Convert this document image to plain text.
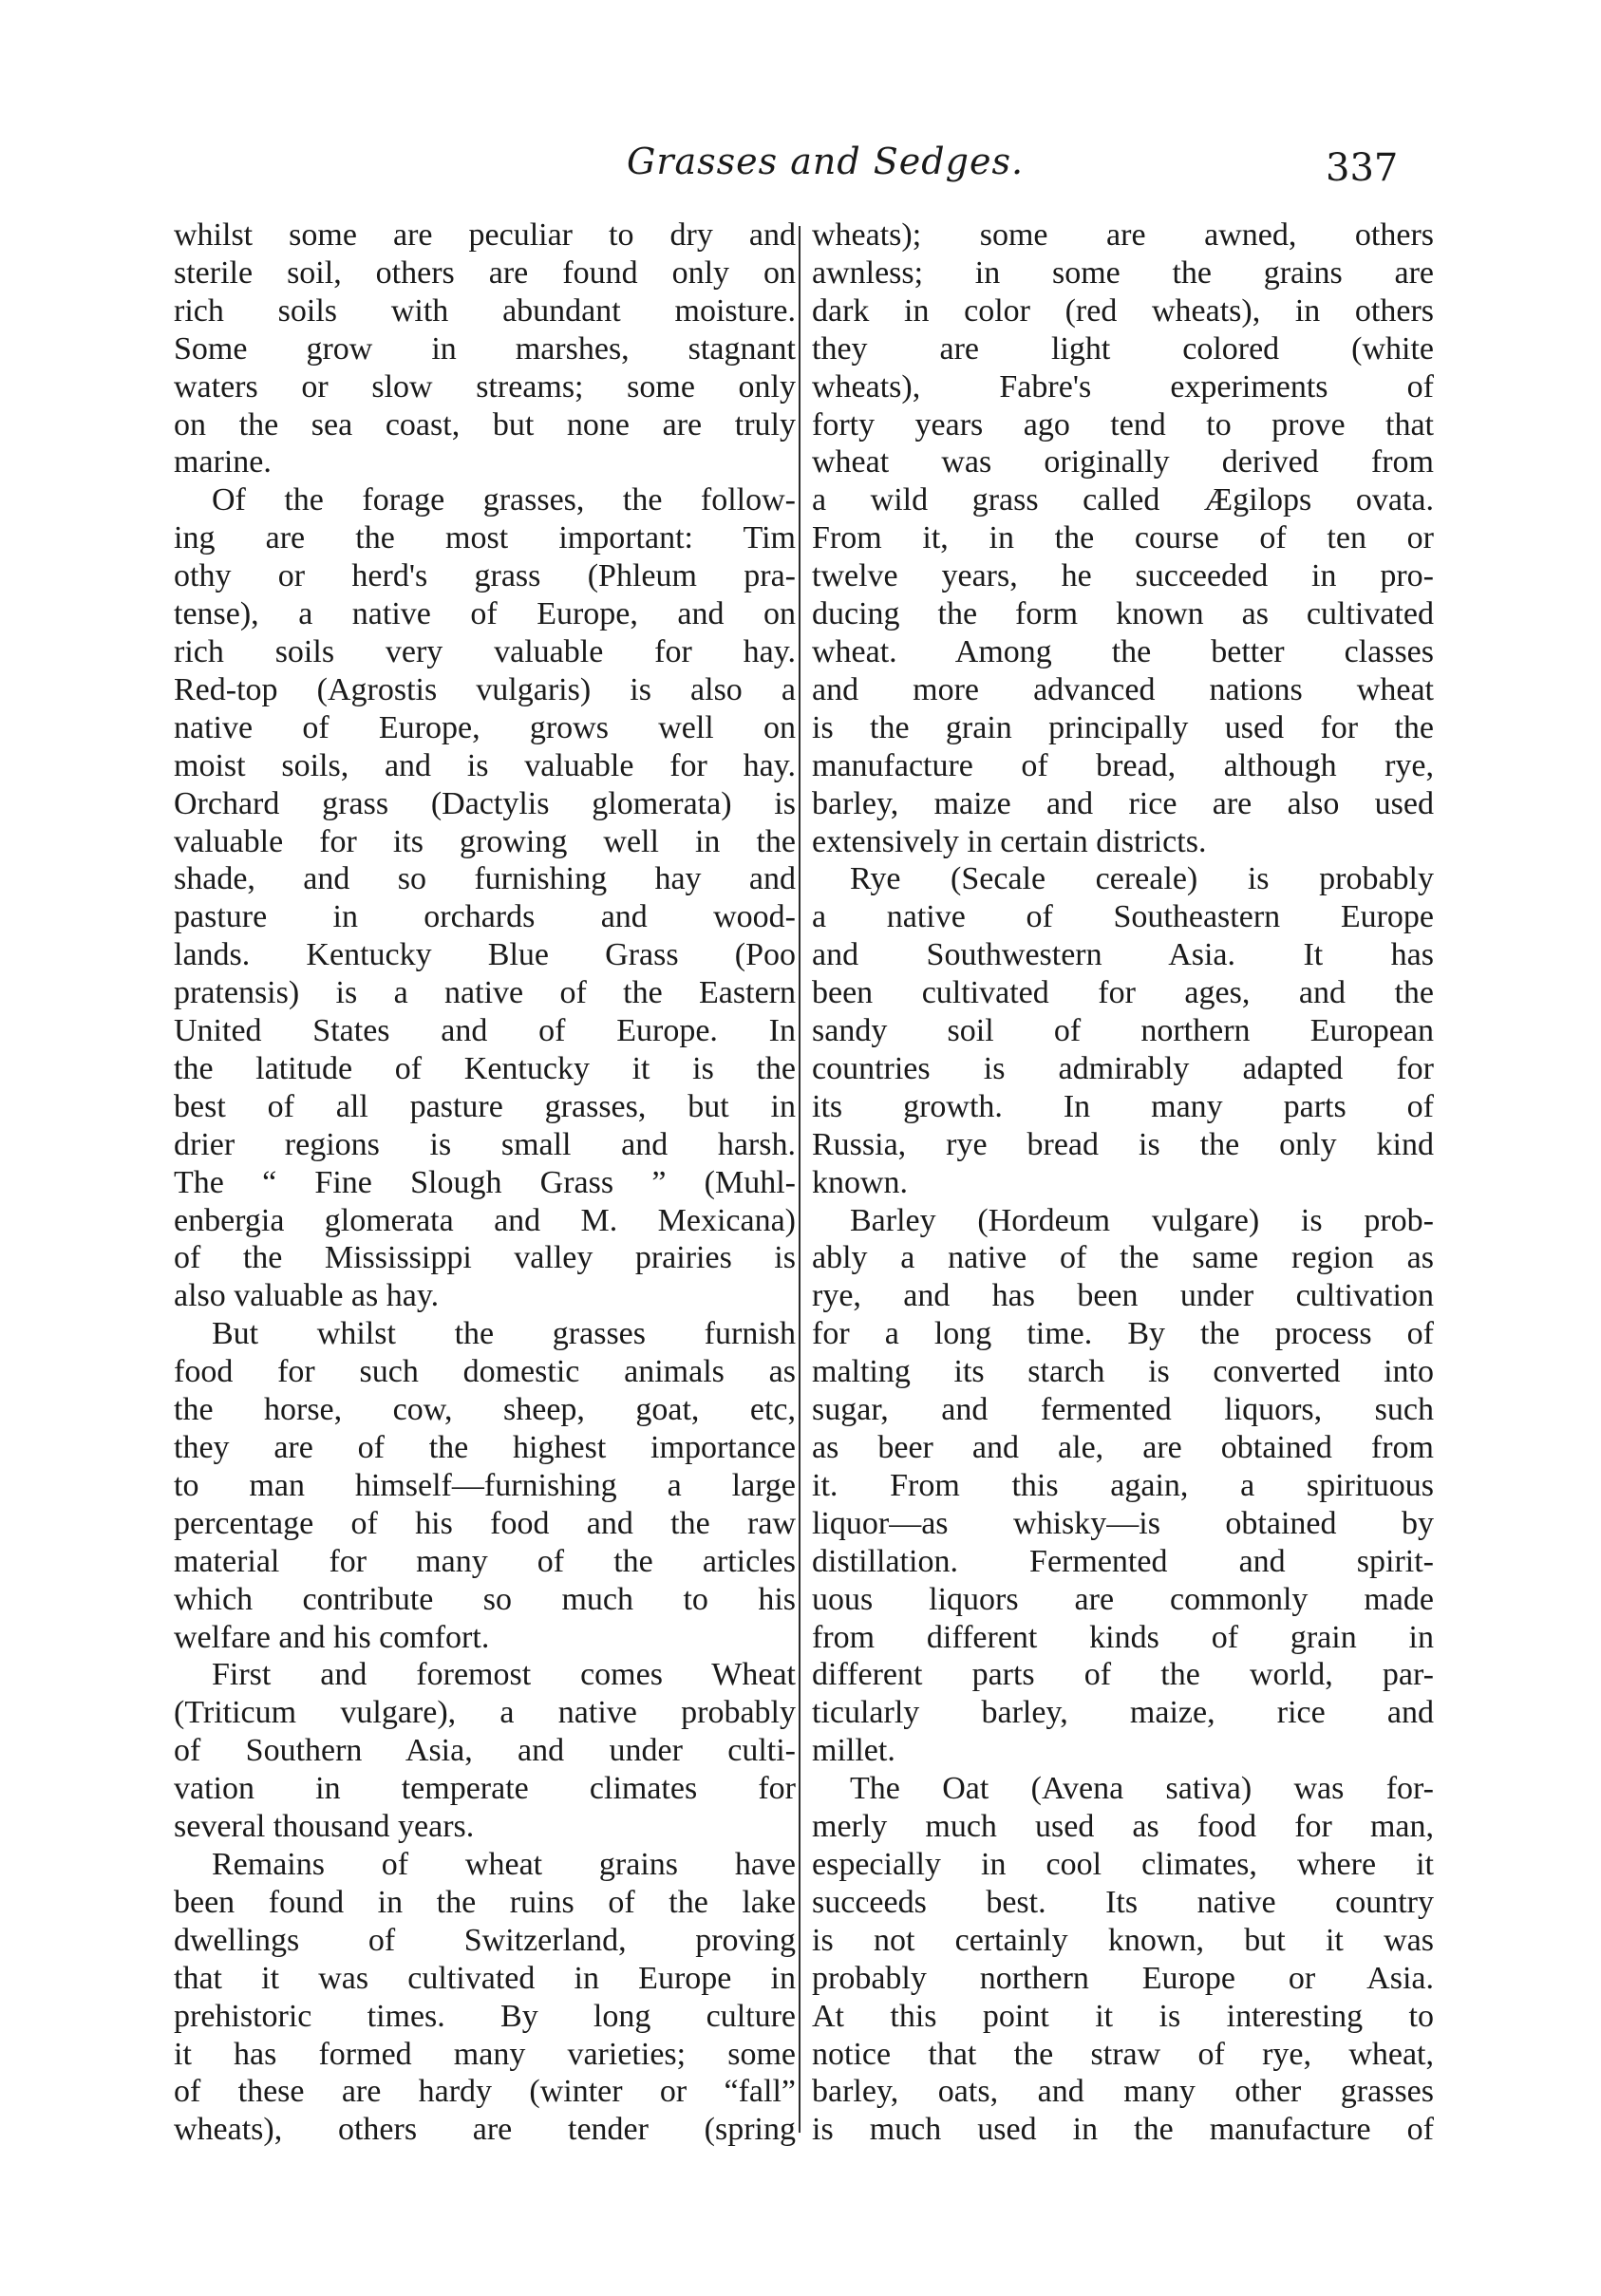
Grasses and Sedges.	337
whilst some are peculiar to dry and
sterile soil, others are found only on
rich soils with abundant moisture.
Some grow in marshes, stagnant
waters or slow streams; some only
on the sea coast, but none are truly
marine.
Of the forage grasses, the follow-
ing are the most important: Tim
othy or herd's grass (Phleum pra-
tense), a native of Europe, and on
rich soils very valuable for hay.
Red-top (Agrostis vulgaris) is also a
native of Europe, grows well on
moist soils, and is valuable for hay.
Orchard grass (Dactylis glomerata) is
valuable for its growing well in the
shade, and so furnishing hay and
pasture in orchards and wood-
lands. Kentucky Blue Grass (Poo
pratensis) is a native of the Eastern
United States and of Europe. In
the latitude of Kentucky it is the
best of all pasture grasses, but in
drier regions is small and harsh.
The “ Fine Slough Grass ” (Muhl-
enbergia glomerata and M. Mexicana)
of the Mississippi valley prairies is
also valuable as hay.
But whilst the grasses furnish
food for such domestic animals as
the horse, cow, sheep, goat, etc,
they are of the highest importance
to man himself—furnishing a large
percentage of his food and the raw
material for many of the articles
which contribute so much to his
welfare and his comfort.
First and foremost comes Wheat
(Triticum vulgare), a native probably
of Southern Asia, and under culti-
vation in temperate climates for
several thousand years.
Remains of wheat grains have
been found in the ruins of the lake
dwellings of Switzerland, proving
that it was cultivated in Europe in
prehistoric times. By long culture
it has formed many varieties; some
of these are hardy (winter or “fall”
wheats), others are tender (spring
wheats); some are awned, others
awnless; in some the grains are
dark in color (red wheats), in others
they are light colored (white
wheats), Fabre's experiments of
forty years ago tend to prove that
wheat was originally derived from
a wild grass called Ægilops ovata.
From it, in the course of ten or
twelve years, he succeeded in pro-
ducing the form known as cultivated
wheat. Among the better classes
and more advanced nations wheat
is the grain principally used for the
manufacture of bread, although rye,
barley, maize and rice are also used
extensively in certain districts.
Rye (Secale cereale) is probably
a native of Southeastern Europe
and Southwestern Asia. It has
been cultivated for ages, and the
sandy soil of northern European
countries is admirably adapted for
its growth. In many parts of
Russia, rye bread is the only kind
known.
Barley (Hordeum vulgare) is prob-
ably a native of the same region as
rye, and has been under cultivation
for a long time. By the process of
malting its starch is converted into
sugar, and fermented liquors, such
as beer and ale, are obtained from
it. From this again, a spirituous
liquor—as whisky—is obtained by
distillation. Fermented and spirit-
uous liquors are commonly made
from different kinds of grain in
different parts of the world, par-
ticularly barley, maize, rice and
millet.
The Oat (Avena sativa) was for-
merly much used as food for man,
especially in cool climates, where it
succeeds best. Its native country
is not certainly known, but it was
probably northern Europe or Asia.
At this point it is interesting to
notice that the straw of rye, wheat,
barley, oats, and many other grasses
is much used in the manufacture of
